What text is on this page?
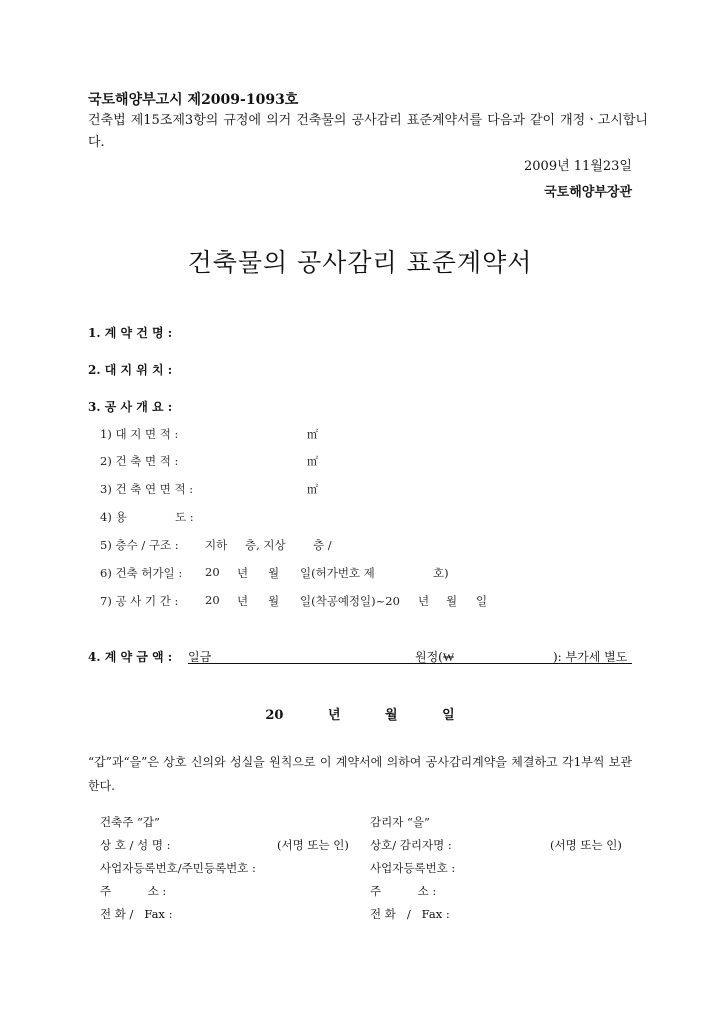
국토해양부고시 제2009-1093호
건축법 제15조제3항의 규정에 의거 건축물의 공사감리 표준계약서를 다음과 같이 개정ㆍ고시합니다.
2009년 11월23일
국토해양부장관
건축물의 공사감리 표준계약서
1. 계 약 건 명 :
2. 대 지 위 치 :
3. 공 사 개 요 :
1) 대 지 면 적 :	㎡
2) 건 축 면 적 :	㎡
3) 건 축 연 면 적 :	㎡
4) 용	도 :
5) 층수 / 구조 : 지하 층, 지상 층 /
6) 건축 허가일 : 20 년 월 일(허가번호 제	호)
7) 공 사 기 간 : 20 년 월 일(착공예정일)~20 년 월 일
4. 계 약 금 액 : 일금	원정(₩	): 부가세 별도
20 년 월 일
“갑”과“을”은 상호 신의와 성실을 원칙으로 이 계약서에 의하여 공사감리계약을 체결하고 각1부씩 보관한다.
건축주 “갑”	감리자 “을”
상 호 / 성 명 :	(서명 또는 인) 상호/ 감리자명 :	(서명 또는 인)
사업자등록번호/주민등록번호 :	사업자등록번호 :
주          소 :	주          소 :
전 화 /   Fax :	전 화   /   Fax :
